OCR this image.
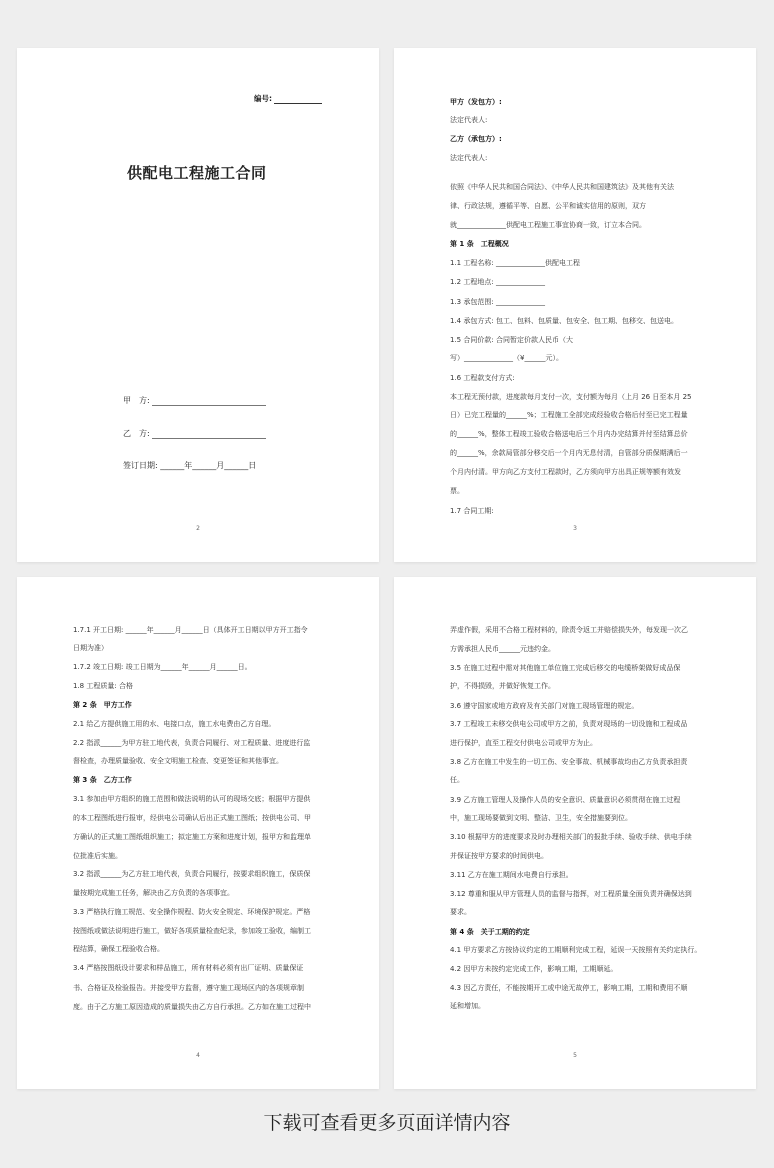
编号:
供配电工程施工合同
甲　方:
乙　方:
签订日期: ______年______月______日
2	3
甲方（发包方）:
法定代表人:
乙方（承包方）:
法定代表人:
依照《中华人民共和国合同法》、《中华人民共和国建筑法》及其他有关法
律、行政法规，遵循平等、自愿、公平和诚实信用的原则，双方
就______________供配电工程施工事宜协商一致，订立本合同。
第 1 条　工程概况
1.1 工程名称: ______________供配电工程
1.2 工程地点: ______________
1.3 承包范围: ______________
1.4 承包方式: 包工、包料、包质量、包安全、包工期、包移交、包送电。
1.5 合同价款: 合同暂定价款人民币（大
写）______________（¥______元）。
1.6 工程款支付方式:
本工程无预付款，进度款每月支付一次，支付额为每月（上月 26 日至本月 25
日）已完工程量的______%；工程施工全部完成经验收合格后付至已完工程量
的______%，整体工程竣工验收合格送电后三个月内办完结算并付至结算总价
的______%，余款局管部分移交后一个月内无息付清，自管部分质保期满后一
个月内付清。甲方向乙方支付工程款时，乙方须向甲方出具正规等额有效发
票。
1.7 合同工期:
4
1.7.1 开工日期: ______年______月______日（具体开工日期以甲方开工指令
日期为准）
1.7.2 竣工日期: 竣工日期为______年______月______日。
1.8 工程质量: 合格
第 2 条　甲方工作
2.1 给乙方提供施工用的水、电接口点，施工水电费由乙方自理。
2.2 指派______为甲方驻工地代表，负责合同履行、对工程质量、进度进行监
督检查，办理质量验收、安全文明施工检查、变更签证和其他事宜。
第 3 条　乙方工作
3.1 参加由甲方组织的施工范围和做法说明的认可的现场交底；根据甲方提供
的本工程图纸进行报审，经供电公司确认后出正式施工图纸；按供电公司、甲
方确认的正式施工图纸组织施工；拟定施工方案和进度计划，报甲方和监理单
位批准后实施。
3.2 指派______为乙方驻工地代表，负责合同履行，按要求组织施工，保质保
量按期完成施工任务，解决由乙方负责的各项事宜。
3.3 严格执行施工规范、安全操作规程、防火安全规定、环境保护规定。严格
按图纸或做法说明进行施工，做好各项质量检查纪录，参加竣工验收，编制工
程结算，确保工程验收合格。
3.4 严格按图纸设计要求和样品施工，所有材料必须有出厂证明、质量保证
书、合格证及检验报告。并接受甲方监督，遵守施工现场区内的各项规章制
度。由于乙方施工原因造成的质量损失由乙方自行承担。乙方如在施工过程中
5
弄虚作假，采用不合格工程材料的，除责令返工并赔偿损失外，每发现一次乙
方需承担人民币______元违约金。
3.5 在施工过程中需对其他施工单位施工完成后移交的电缆桥架做好成品保
护，不得损毁，并做好恢复工作。
3.6 遵守国家或地方政府及有关部门对施工现场管理的规定。
3.7 工程竣工未移交供电公司或甲方之前，负责对现场的一切设施和工程成品
进行保护，直至工程交付供电公司或甲方为止。
3.8 乙方在施工中发生的一切工伤、安全事故、机械事故均由乙方负责承担责
任。
3.9 乙方施工管理人及操作人员的安全意识、质量意识必须贯彻在施工过程
中，施工现场要做到文明、整洁、卫生，安全措施要到位。
3.10 根据甲方的进度要求及时办理相关部门的报批手续、验收手续、供电手续
并保证按甲方要求的时间供电。
3.11 乙方在施工期间水电费自行承担。
3.12 尊重和服从甲方管理人员的监督与指挥，对工程质量全面负责并确保达到
要求。
第 4 条　关于工期的约定
4.1 甲方要求乙方按协议约定的工期顺利完成工程，延误一天按照有关约定执行。
4.2 因甲方未按约定完成工作，影响工期，工期顺延。
4.3 因乙方责任，不能按期开工或中途无故停工，影响工期，工期和费用不顺
延和增加。
下载可查看更多页面详情内容
